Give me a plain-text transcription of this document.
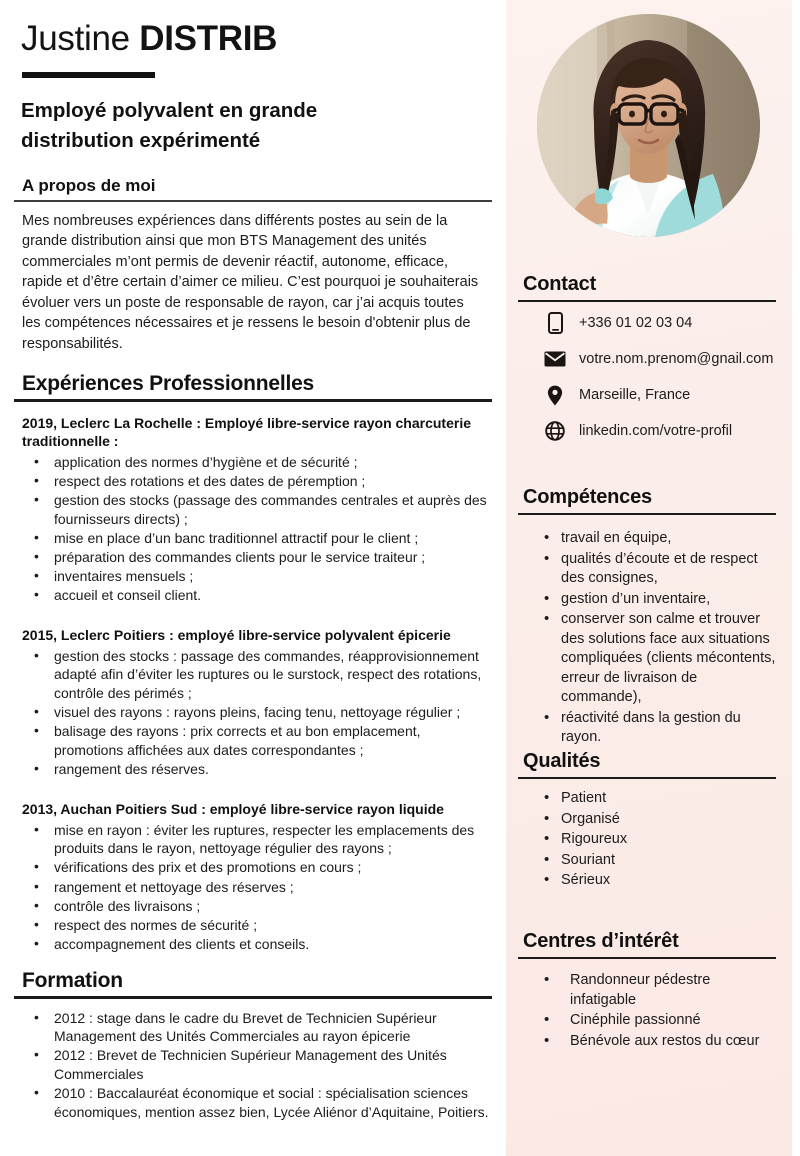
Justine DISTRIB
Employé polyvalent en grande distribution expérimenté
A propos de moi

Mes nombreuses expériences dans différents postes au sein de la grande distribution ainsi que mon BTS Management des unités commerciales m’ont permis de devenir réactif, autonome, efficace, rapide et d’être certain d’aimer ce milieu. C’est pourquoi je souhaiterais évoluer vers un poste de responsable de rayon, car j’ai acquis toutes les compétences nécessaires et je ressens le besoin d'obtenir plus de responsabilités.

Expériences Professionnelles
2019, Leclerc La Rochelle : Employé libre-service rayon charcuterie traditionnelle :
• application des normes d’hygiène et de sécurité ;
• respect des rotations et des dates de péremption ;
• gestion des stocks (passage des commandes centrales et auprès des fournisseurs directs) ;
• mise en place d’un banc traditionnel attractif pour le client ;
• préparation des commandes clients pour le service traiteur ;
• inventaires mensuels ;
• accueil et conseil client.
2015, Leclerc Poitiers : employé libre-service polyvalent épicerie
• gestion des stocks : passage des commandes, réapprovisionnement adapté afin d’éviter les ruptures ou le surstock, respect des rotations, contrôle des périmés ;
• visuel des rayons : rayons pleins, facing tenu, nettoyage régulier ;
• balisage des rayons : prix corrects et au bon emplacement, promotions affichées aux dates correspondantes ;
• rangement des réserves.
2013, Auchan Poitiers Sud : employé libre-service rayon liquide
• mise en rayon : éviter les ruptures, respecter les emplacements des produits dans le rayon, nettoyage régulier des rayons ;
• vérifications des prix et des promotions en cours ;
• rangement et nettoyage des réserves ;
• contrôle des livraisons ;
• respect des normes de sécurité ;
• accompagnement des clients et conseils.
Formation
• 2012 : stage dans le cadre du Brevet de Technicien Supérieur Management des Unités Commerciales au rayon épicerie
• 2012 : Brevet de Technicien Supérieur Management des Unités Commerciales
• 2010 : Baccalauréat économique et social : spécialisation sciences économiques, mention assez bien, Lycée Aliénor d’Aquitaine, Poitiers.
Contact
+336 01 02 03 04
votre.nom.prenom@gnail.com
Marseille, France
linkedin.com/votre-profil
Compétences
• travail en équipe,
• qualités d’écoute et de respect des consignes,
• gestion d’un inventaire,
• conserver son calme et trouver des solutions face aux situations compliquées (clients mécontents, erreur de livraison de commande),
• réactivité dans la gestion du rayon.
Qualités
• Patient
• Organisé
• Rigoureux
• Souriant
• Sérieux
Centres d’intérêt
• Randonneur pédestre infatigable
• Cinéphile passionné
• Bénévole aux restos du cœur
